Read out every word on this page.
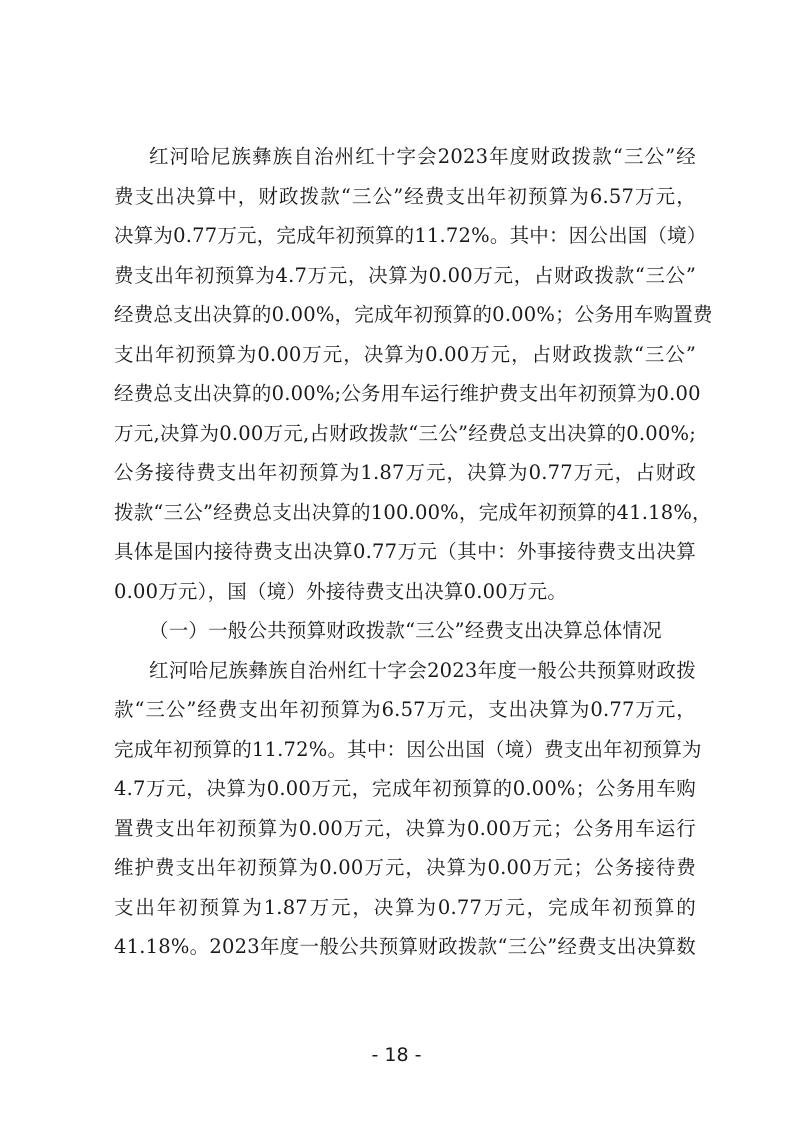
红河哈尼族彝族自治州红十字会2023年度财政拨款“三公”经
费支出决算中，财政拨款“三公”经费支出年初预算为6.57万元，
决算为0.77万元，完成年初预算的11.72%。其中：因公出国（境）
费支出年初预算为4.7万元，决算为0.00万元，占财政拨款“三公”
经费总支出决算的0.00%，完成年初预算的0.00%；公务用车购置费
支出年初预算为0.00万元，决算为0.00万元，占财政拨款“三公”
经费总支出决算的0.00%;公务用车运行维护费支出年初预算为0.00
万元,决算为0.00万元,占财政拨款“三公”经费总支出决算的0.00%;
公务接待费支出年初预算为1.87万元，决算为0.77万元，占财政
拨款“三公”经费总支出决算的100.00%，完成年初预算的41.18%，
具体是国内接待费支出决算0.77万元（其中：外事接待费支出决算
0.00万元），国（境）外接待费支出决算0.00万元。
（一）一般公共预算财政拨款“三公”经费支出决算总体情况
红河哈尼族彝族自治州红十字会2023年度一般公共预算财政拨
款“三公”经费支出年初预算为6.57万元，支出决算为0.77万元，
完成年初预算的11.72%。其中：因公出国（境）费支出年初预算为
4.7万元，决算为0.00万元，完成年初预算的0.00%；公务用车购
置费支出年初预算为0.00万元，决算为0.00万元；公务用车运行
维护费支出年初预算为0.00万元，决算为0.00万元；公务接待费
支出年初预算为1.87万元，决算为0.77万元，完成年初预算的
41.18%。2023年度一般公共预算财政拨款“三公”经费支出决算数
- 18 -
